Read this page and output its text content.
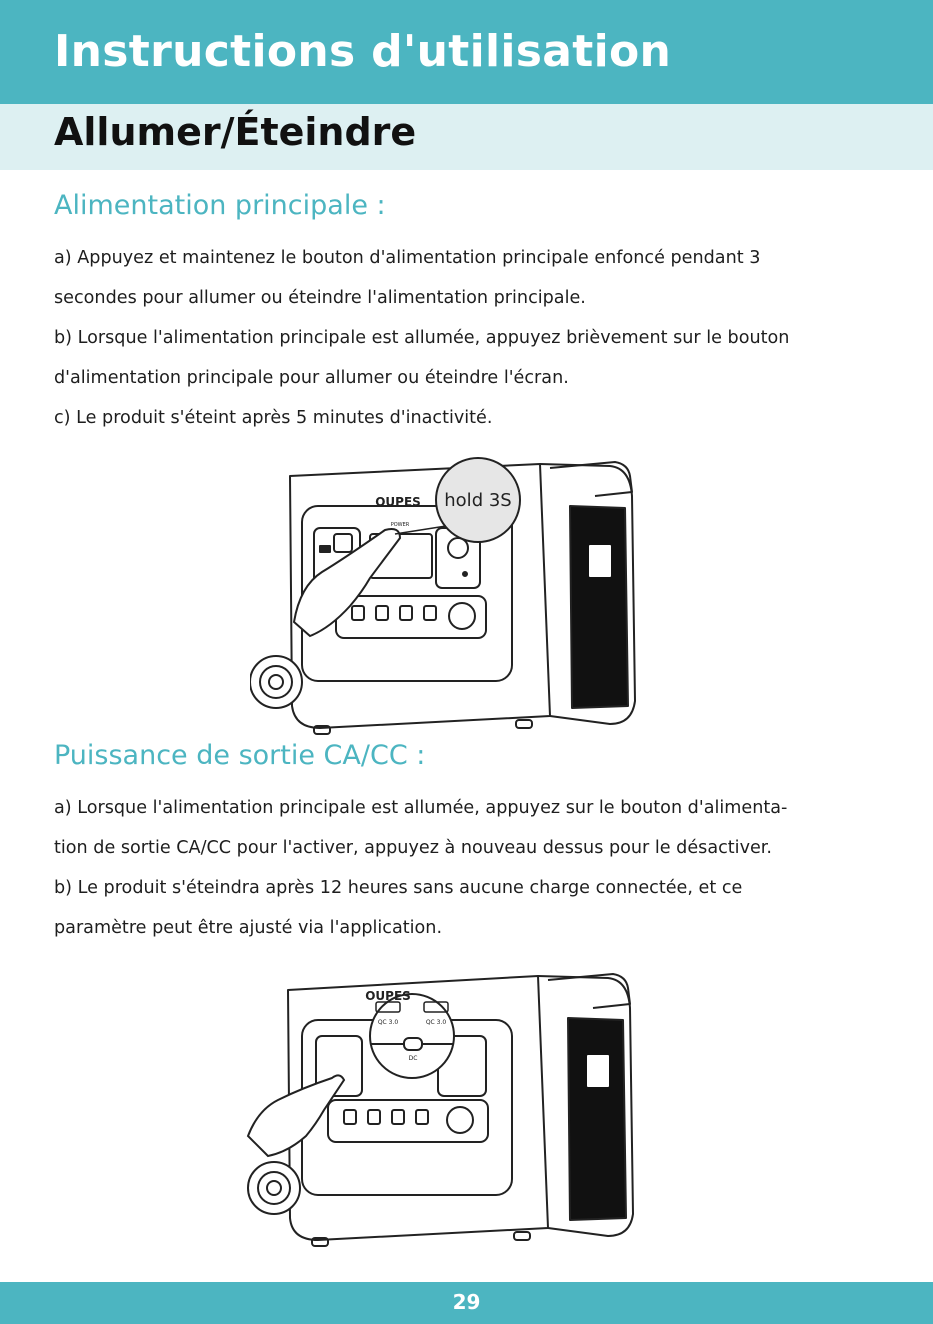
Instructions d'utilisation
Allumer/Éteindre
Alimentation principale :
a) Appuyez et maintenez le bouton d'alimentation principale enfoncé pendant 3
secondes pour allumer ou éteindre l'alimentation principale.
b) Lorsque l'alimentation principale est allumée, appuyez brièvement sur le bouton
d'alimentation principale pour allumer ou éteindre l'écran.
c) Le produit s'éteint après 5 minutes d'inactivité.
hold 3S
OUPES
POWER
Puissance de sortie CA/CC :
a) Lorsque l'alimentation principale est allumée, appuyez sur le bouton d'alimenta-
tion de sortie CA/CC pour l'activer, appuyez à nouveau dessus pour le désactiver.
b) Le produit s'éteindra après 12 heures sans aucune charge connectée, et ce
paramètre peut être ajusté via l'application.
QC 3.0	QC 3.0
DC
OUPES
29
